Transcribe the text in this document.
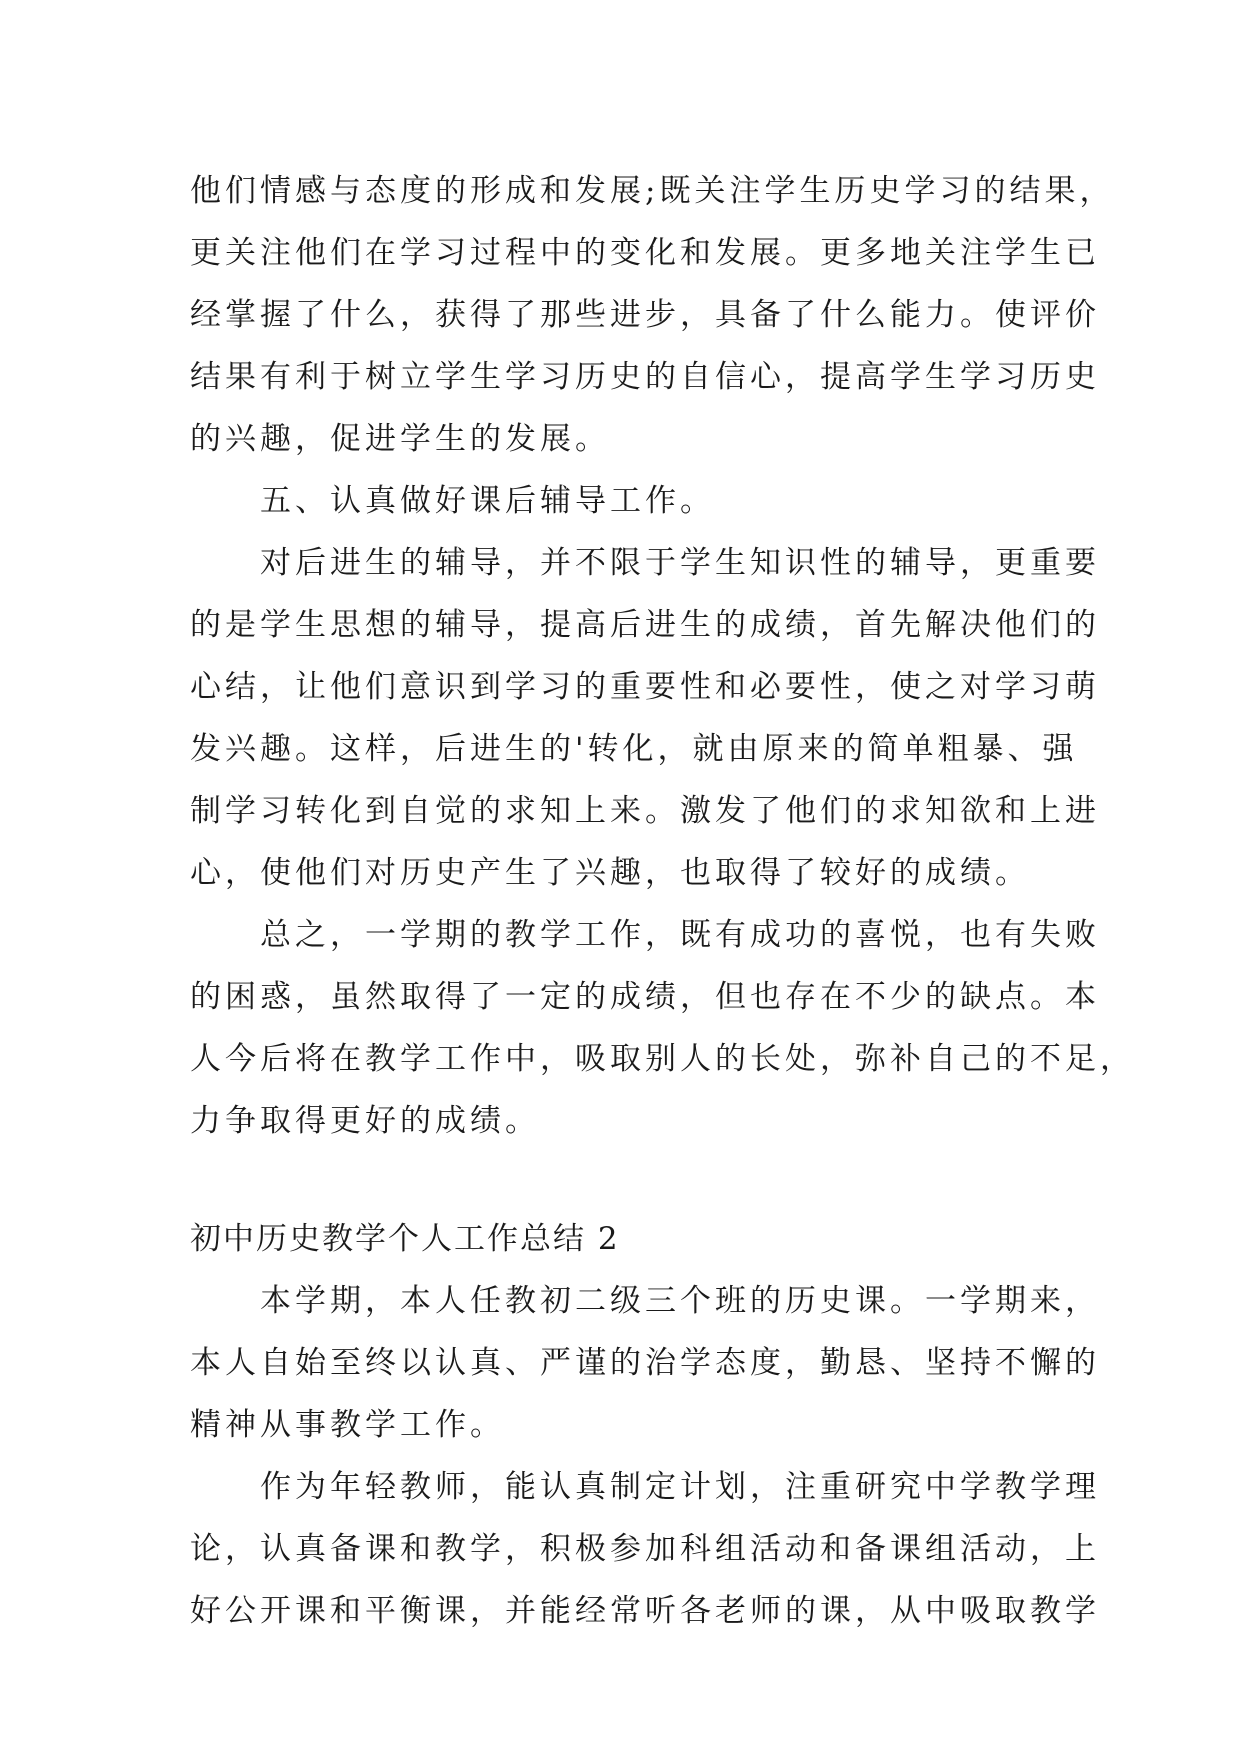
他们情感与态度的形成和发展;既关注学生历史学习的结果，
更关注他们在学习过程中的变化和发展。更多地关注学生已
经掌握了什么，获得了那些进步，具备了什么能力。使评价
结果有利于树立学生学习历史的自信心，提高学生学习历史
的兴趣，促进学生的发展。
　　五、认真做好课后辅导工作。
　　对后进生的辅导，并不限于学生知识性的辅导，更重要
的是学生思想的辅导，提高后进生的成绩，首先解决他们的
心结，让他们意识到学习的重要性和必要性，使之对学习萌
发兴趣。这样，后进生的'转化，就由原来的简单粗暴、强
制学习转化到自觉的求知上来。激发了他们的求知欲和上进
心，使他们对历史产生了兴趣，也取得了较好的成绩。
　　总之，一学期的教学工作，既有成功的喜悦，也有失败
的困惑，虽然取得了一定的成绩，但也存在不少的缺点。本
人今后将在教学工作中，吸取别人的长处，弥补自己的不足，
力争取得更好的成绩。
初中历史教学个人工作总结 2
　　本学期，本人任教初二级三个班的历史课。一学期来，
本人自始至终以认真、严谨的治学态度，勤恳、坚持不懈的
精神从事教学工作。
　　作为年轻教师，能认真制定计划，注重研究中学教学理
论，认真备课和教学，积极参加科组活动和备课组活动，上
好公开课和平衡课，并能经常听各老师的课，从中吸取教学
